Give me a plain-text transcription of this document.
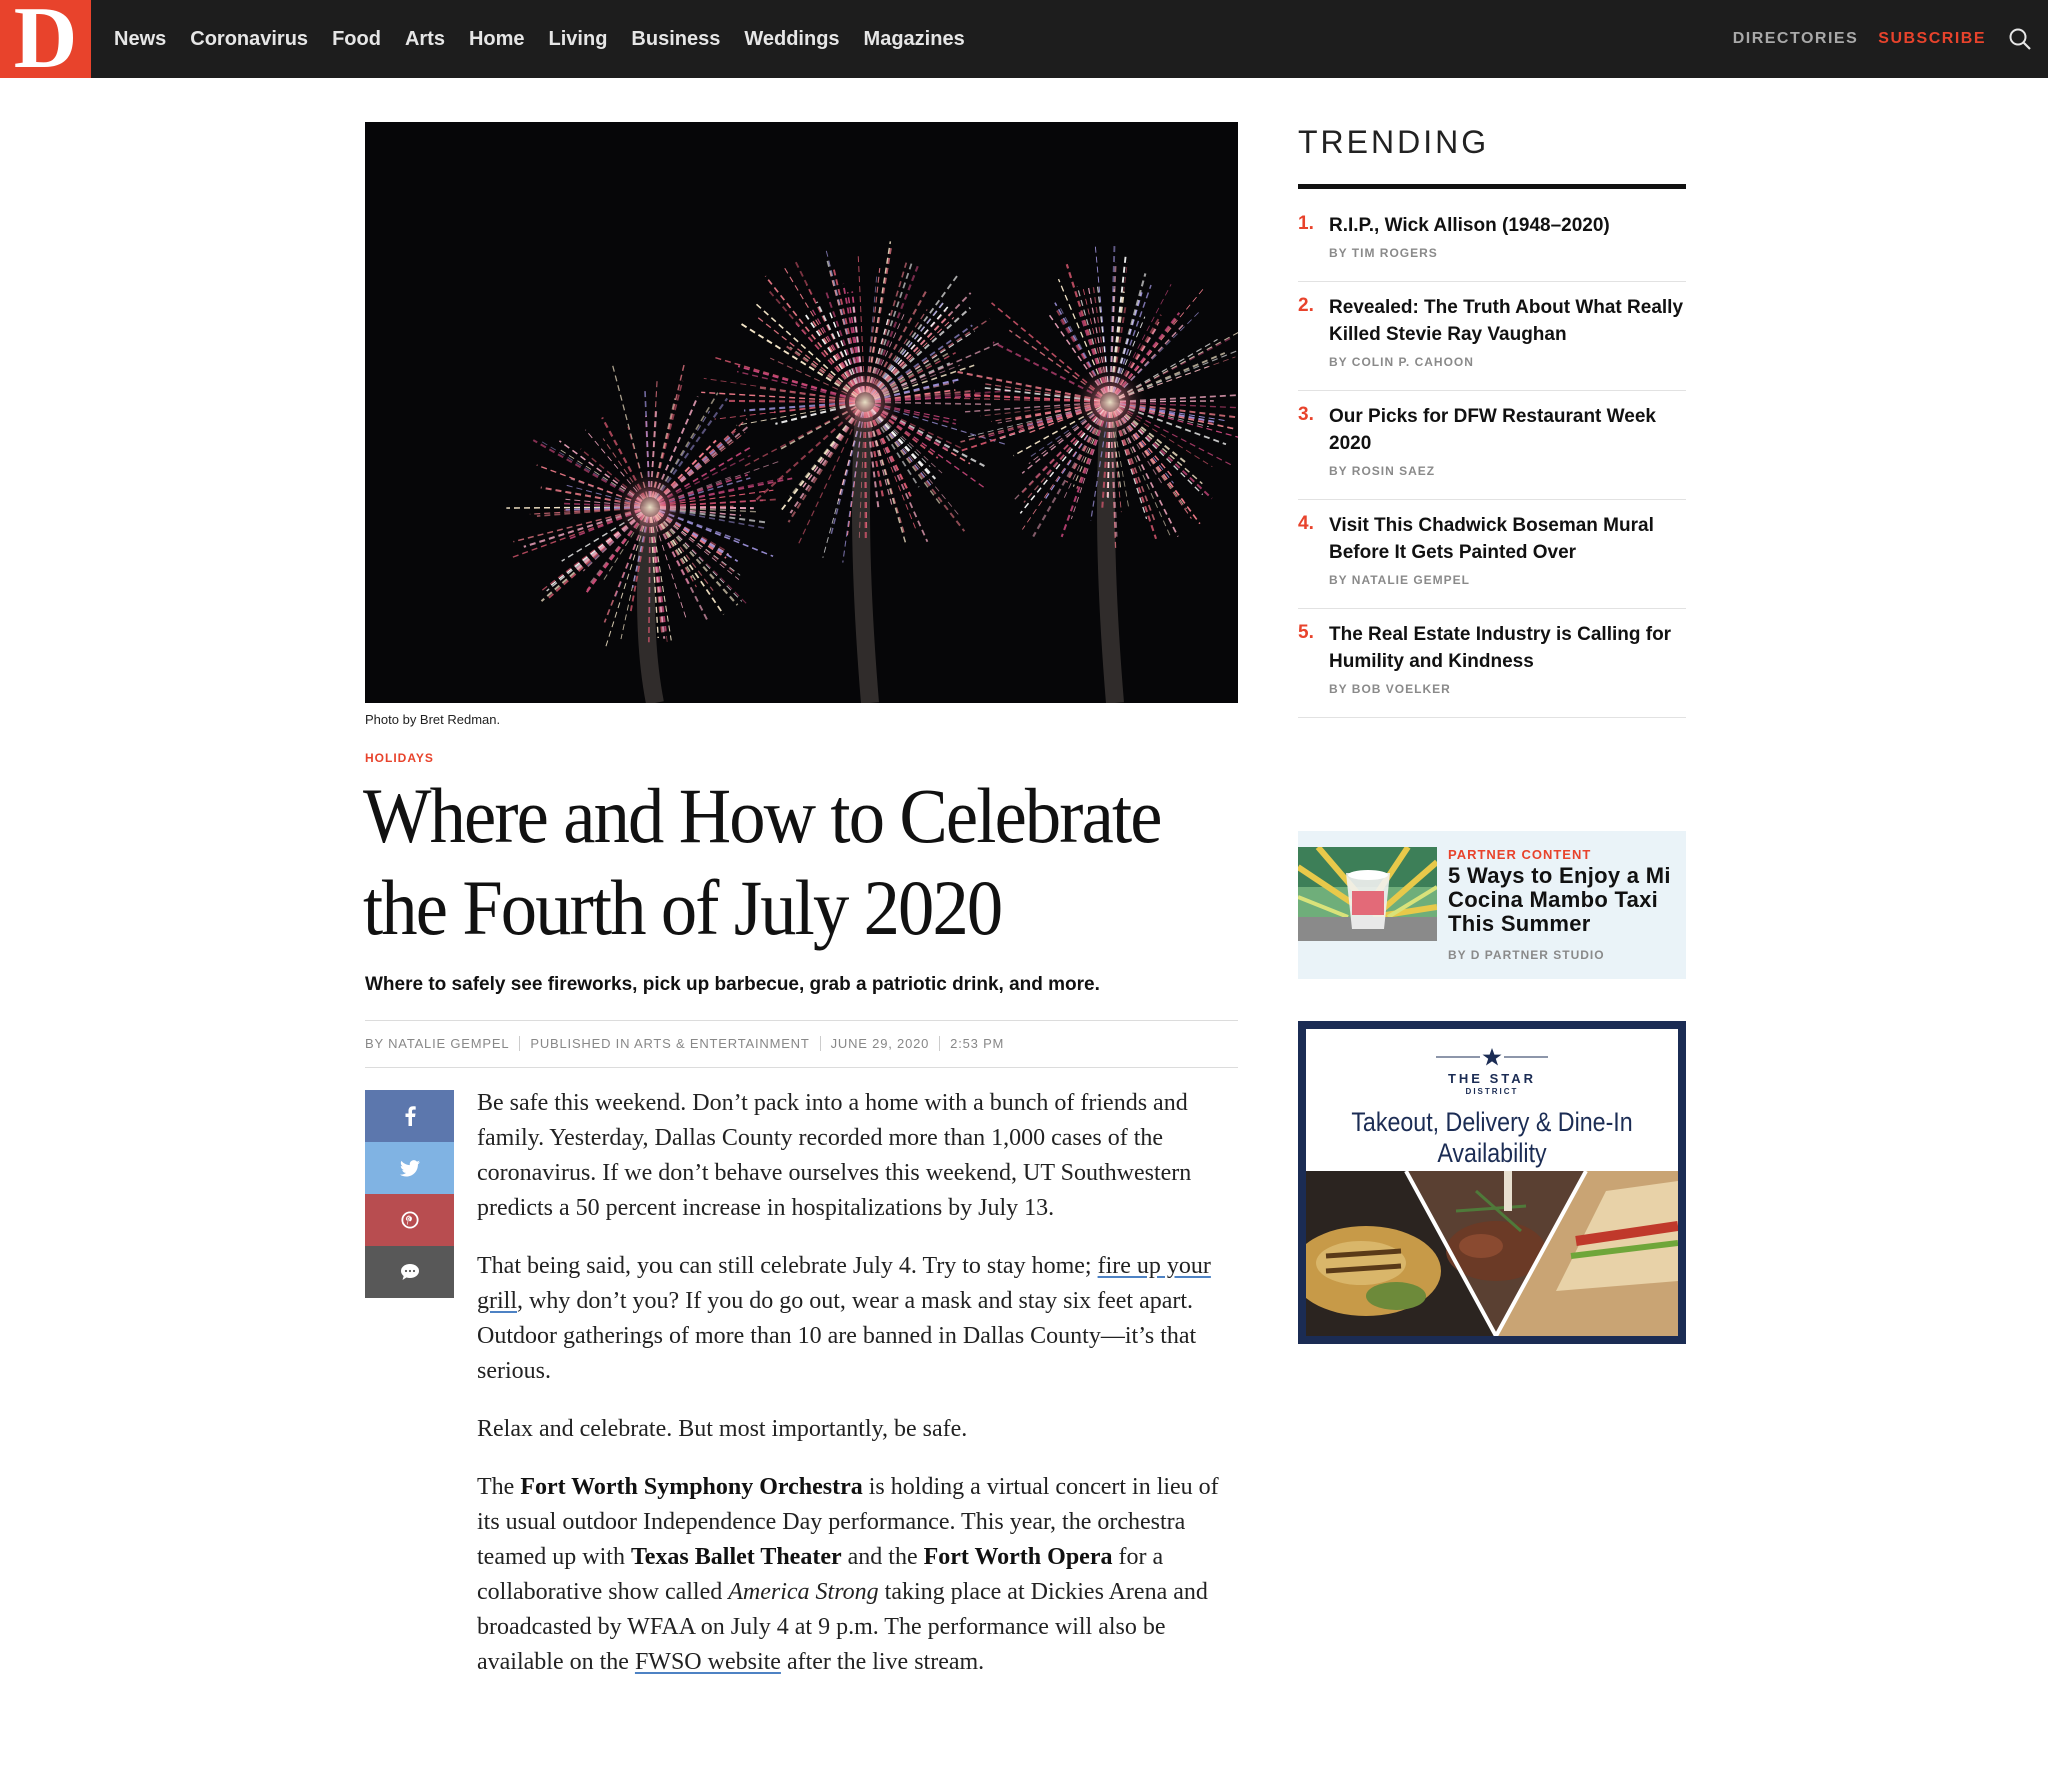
D	News Coronavirus Food Arts Home Living Business Weddings Magazines	DIRECTORIES SUBSCRIBE
Photo by Bret Redman.
HOLIDAYS
Where and How to Celebrate the Fourth of July 2020
Where to safely see fireworks, pick up barbecue, grab a patriotic drink, and more.
BY NATALIE GEMPEL PUBLISHED IN ARTS & ENTERTAINMENT JUNE 29, 2020 2:53 PM

Be safe this weekend. Don’t pack into a home with a bunch of friends and family. Yesterday, Dallas County recorded more than 1,000 cases of the coronavirus. If we don’t behave ourselves this weekend, UT Southwestern predicts a 50 percent increase in hospitalizations by July 13.

That being said, you can still celebrate July 4. Try to stay home; fire up your grill, why don’t you? If you do go out, wear a mask and stay six feet apart. Outdoor gatherings of more than 10 are banned in Dallas County—it’s that serious.

Relax and celebrate. But most importantly, be safe.

The Fort Worth Symphony Orchestra is holding a virtual concert in lieu of its usual outdoor Independence Day performance. This year, the orchestra teamed up with Texas Ballet Theater and the Fort Worth Opera for a collaborative show called America Strong taking place at Dickies Arena and broadcasted by WFAA on July 4 at 9 p.m. The performance will also be available on the FWSO website after the live stream.

TRENDING
1. R.I.P., Wick Allison (1948–2020)
BY TIM ROGERS
2. Revealed: The Truth About What Really Killed Stevie Ray Vaughan
BY COLIN P. CAHOON
3. Our Picks for DFW Restaurant Week 2020
BY ROSIN SAEZ
4. Visit This Chadwick Boseman Mural Before It Gets Painted Over
BY NATALIE GEMPEL
5. The Real Estate Industry is Calling for Humility and Kindness
BY BOB VOELKER
PARTNER CONTENT
5 Ways to Enjoy a Mi Cocina Mambo Taxi This Summer
BY D PARTNER STUDIO
THE STAR
DISTRICT
Takeout, Delivery & Dine-In Availability
